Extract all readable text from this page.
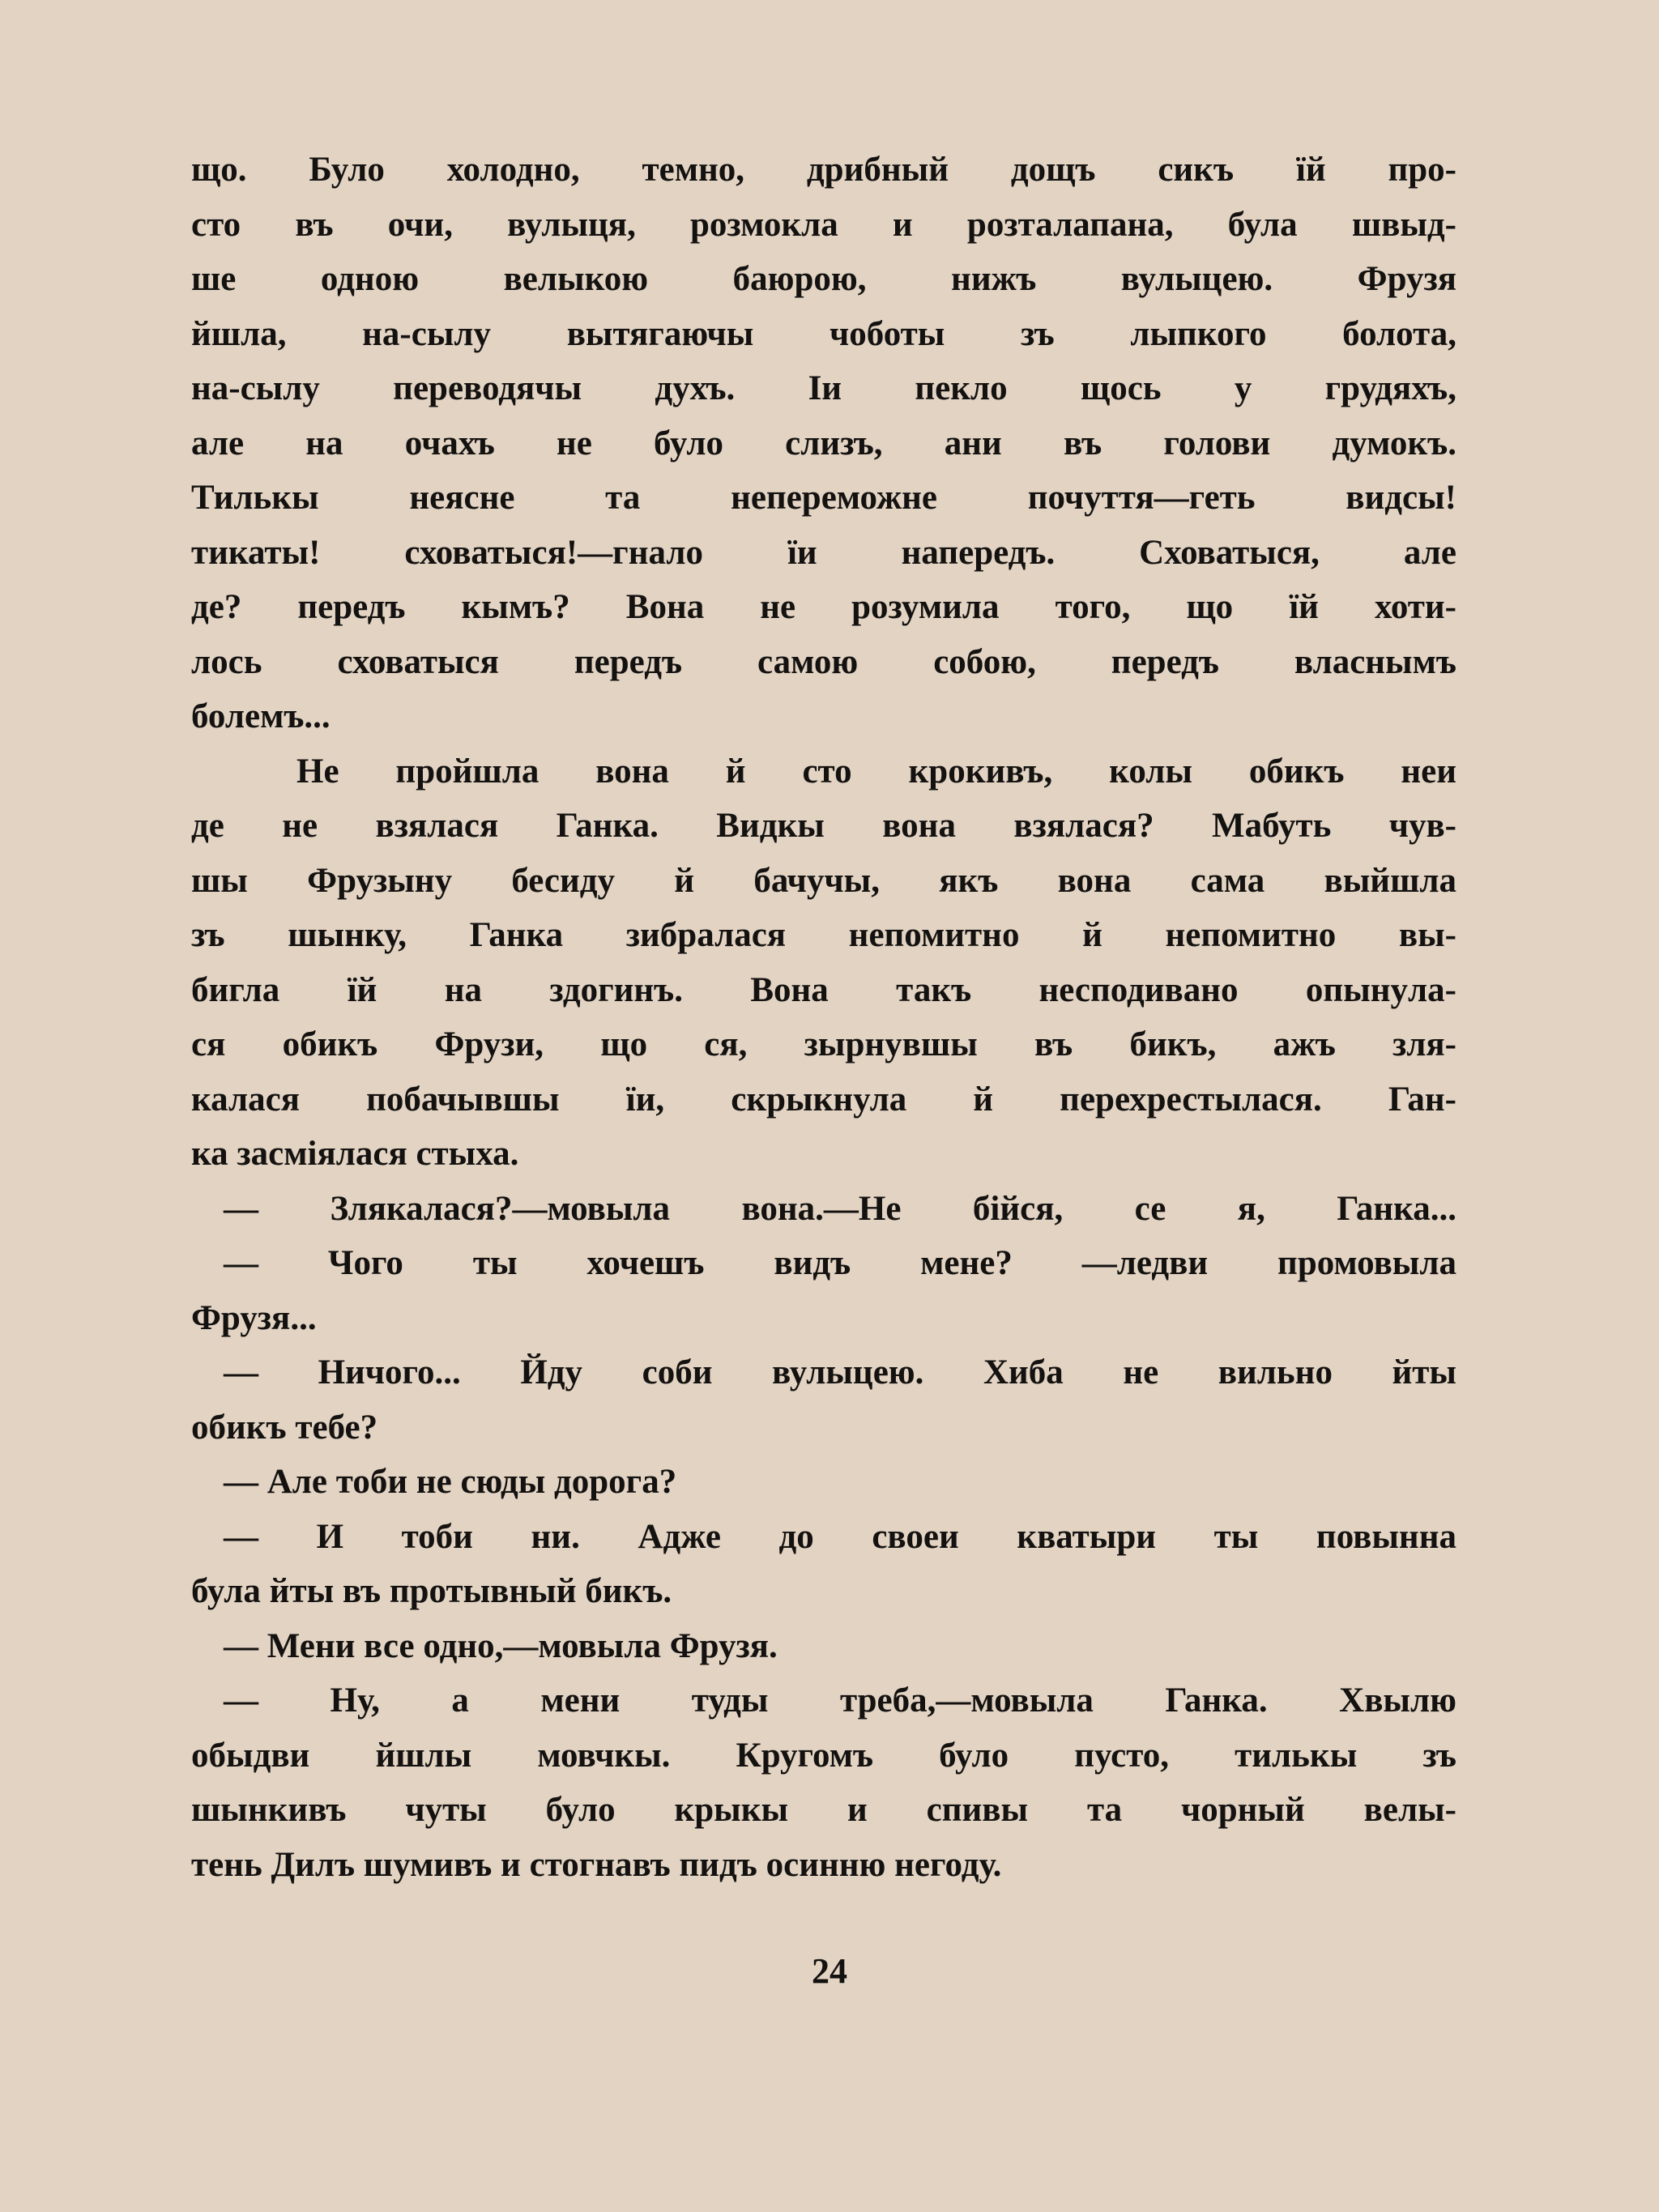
що. Було холодно, темно, дрибный дощъ сикъ їй про-
сто въ очи, вулыця, розмокла и розталапана, була швыд-
ше одною велыкою баюрою, нижъ вулыцею. Фрузя
йшла, на-сылу вытягаючы чоботы зъ лыпкого болота,
на-сылу переводячы духъ. Іи пекло щось у грудяхъ,
але на очахъ не було слизъ, ани въ голови думокъ.
Тилькы неясне та непереможне почуття—геть видсы!
тикаты! сховатыся!—гнало їи напередъ. Сховатыся, але
де? передъ кымъ? Вона не розумила того, що їй хоти-
лось сховатыся передъ самою собою, передъ власнымъ
болемъ...
Не пройшла вона й сто крокивъ, колы обикъ неи
де не взялася Ганка. Видкы вона взялася? Мабуть чув-
шы Фрузыну бесиду й бачучы, якъ вона сама выйшла
зъ шынку, Ганка зибралася непомитно й непомитно вы-
бигла їй на здогинъ. Вона такъ несподивано опынyла-
ся обикъ Фрузи, що ся, зырнувшы въ бикъ, ажъ зля-
калася побачывшы їи, скрыкнула й перехрестылася. Ган-
ка засміялася стыха.
— Злякалася?—мовыла вона.—Не бійся, се я, Ганка...
— Чого ты хочешъ видъ мене? —ледви промовыла
Фрузя...
— Ничого... Йду соби вулыцею. Хиба не вильно йты
обикъ тебе?
— Але тоби не сюды дорога?
— И тоби ни. Адже до своеи кватыри ты повынна
була йты въ протывный бикъ.
— Мени все одно,—мовыла Фрузя.
— Ну, а мени туды треба,—мовыла Ганка. Хвылю
обыдви йшлы мовчкы. Кругомъ було пусто, тилькы зъ
шынкивъ чуты було крыкы и спивы та чорный велы-
тень Дилъ шумивъ и стогнавъ пидъ осинню негоду.
24
